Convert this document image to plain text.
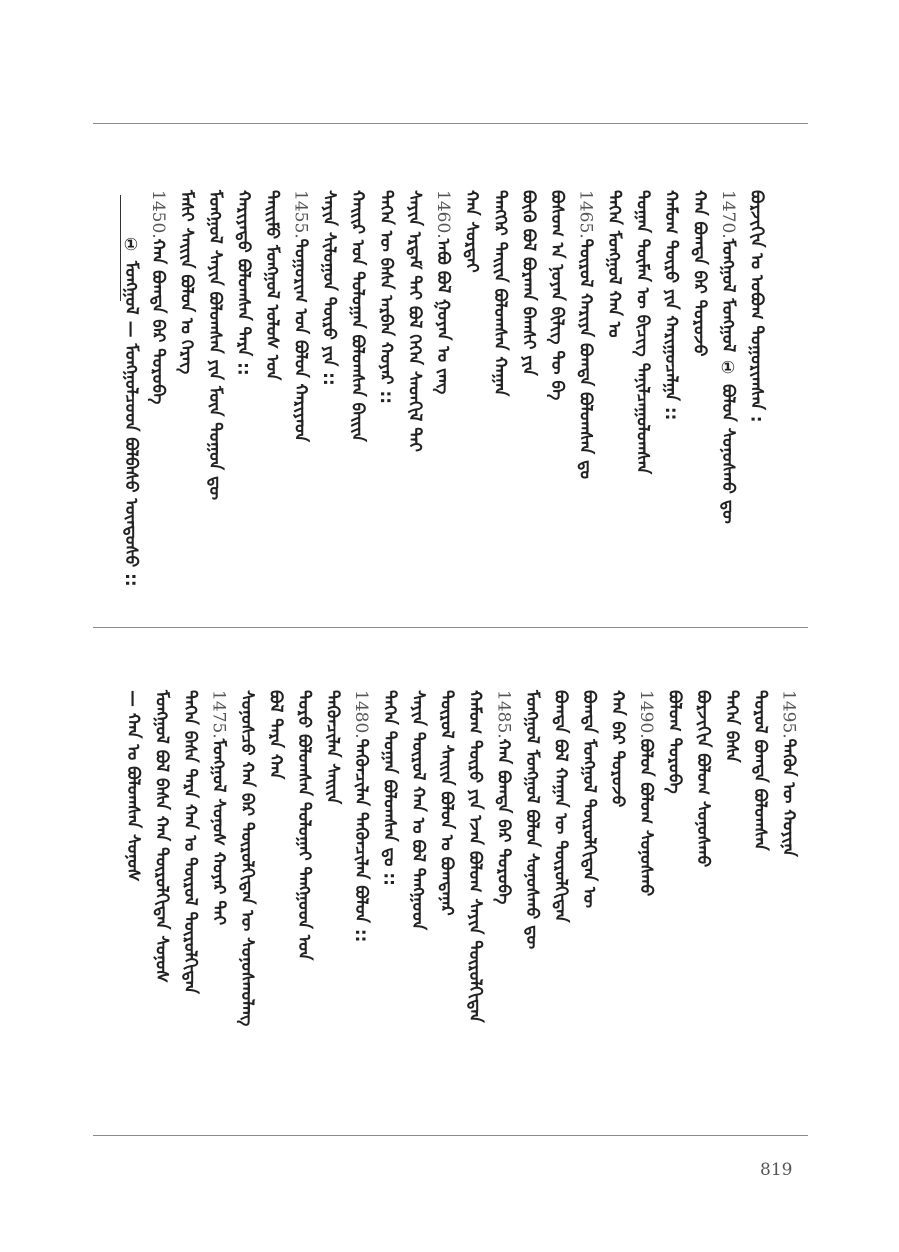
① ᠮᠣᠩᠭᠣᠯ — ᠮᠣᠩᠭᠣᠯᠴᠤᠳ ᠪᠣᠯᠪᠠᠰᠤ ᠦᠨᠳᠦᠰᠦ ::	ᠪᠣᠷᠵᠢᠭᠢᠨ ᠤ ᠣᠪᠣᠭ ᠲᠣᠭᠤᠷᠢᠭᠰᠠᠨ :
1470.ᠮᠣᠩᠭᠣᠯ ᠮᠣᠩᠭᠣᠯ ① ᠪᠣᠯᠤᠨ ᠰᠣᠨᠣᠰᠬᠤ ᠳᠦ
ᠬᠠᠨ ᠪᠣᠭᠳᠠ ᠪᠠᠷ ᠲᠣᠷᠣᠵᠤ
ᠬᠠᠮᠤᠭ ᠲᠥᠷᠥ ᠶᠢᠨ ᠬᠠᠷᠢᠭᠤᠴᠠᠯᠭᠠ ::
ᠲᠣᠭᠠᠨ ᠲᠥᠮᠡᠨ ᠦ ᠪᠢᠴᠢᠭ ᠲᠠᠨᠢᠯᠴᠠᠭᠤᠯᠤᠭᠰᠠᠨ
ᠲᠡᠭᠡᠨ ᠮᠣᠩᠭᠣᠯ ᠬᠠᠨ ᠤ
1465.ᠲᠥᠷᠥᠯ ᠬᠠᠷᠢᠶᠠ ᠪᠣᠭᠳᠠ ᠪᠣᠯᠤᠭᠰᠠᠨ ᠳᠤ
ᠪᠣᠰᠤᠭ ᠠ ᠨᠣᠶᠠᠨ ᠪᠢᠯᠢᠭ ᠲᠦ ᠪᠡ
ᠪᠦᠬᠦ ᠪᠣᠯ ᠪᠤᠷᠬᠠᠨ ᠪᠠᠭᠰᠢ ᠶᠢᠨ
ᠲᠡᠩᠭᠡᠷ ᠲᠡᠢᠢᠨ ᠪᠣᠯᠤᠭᠰᠠᠨ ᠬᠠᠭᠠᠨ
ᠬᠠᠨ ᠰᠤᠷᠲᠠᠢ
1460.ᠠᠪᠤ ᠪᠣᠯ ᠭᠤᠶᠠᠨ ᠤ ᠵᠠᠩ
ᠰᠠᠶᠢᠨ ᠡᠷᠳᠡᠮ ᠲᠡᠢ ᠪᠣᠯ ᠭᠡᠭᠡᠨ ᠰᠡᠳᠬᠢᠯ ᠲᠡᠢ
ᠲᠡᠭᠡᠨ ᠦ ᠪᠠᠰᠠ ᠠᠷᠪᠠᠨ ᠬᠣᠶᠠᠷ ::
ᠬᠠᠢᠢᠷ ᠤᠨ ᠳᠣᠯᠤᠭᠠᠨ ᠪᠣᠯᠤᠭᠰᠠᠨ ᠪᠠᠢᠢᠨ
ᠰᠠᠶᠢᠨ ᠰᠢᠯᠤᠭᠤᠨ ᠲᠥᠷᠥ ᠶᠢᠨ ::
1455.ᠲᠣᠭᠤᠷᠢᠭ ᠤᠨ ᠪᠣᠯᠤᠨ ᠬᠠᠷᠢᠶᠠᠳ
ᠲᠡᠢᠢᠮᠦ ᠮᠣᠩᠭᠣᠯ ᠤᠯᠤᠰ ᠤᠨ
ᠬᠠᠷᠢᠶᠠᠲᠤ ᠪᠣᠯᠤᠭᠰᠠᠨ ᠲᠡᠷᠡ ::
ᠮᠣᠩᠭᠣᠯ ᠰᠠᠶᠢᠨ ᠪᠣᠯᠤᠭᠰᠠᠨ ᠶᠢᠨ ᠮᠥᠨ ᠲᠣᠭᠣᠨ ᠳᠦ
ᠮᠠᠰᠢ ᠰᠠᠢᠢᠨ ᠪᠣᠯᠤᠨ ᠤ ᠬᠡᠷᠡᠭ
1450.ᠬᠠᠨ ᠪᠣᠭᠳᠠ ᠪᠠᠷ ᠲᠣᠷᠣᠪᠠ
1495.ᠲᠡᠭᠦᠨ ᠦ ᠬᠣᠶᠢᠨᠠ
ᠲᠣᠷᠣᠯ ᠪᠣᠭᠳᠠ ᠪᠣᠯᠤᠭᠰᠠᠨ
ᠲᠡᠭᠡᠨ ᠪᠠᠰᠠ
ᠪᠣᠷᠵᠢᠭᠢᠨ ᠪᠣᠯᠤᠭ ᠰᠣᠨᠣᠰᠬᠤ
ᠪᠣᠯᠤᠭ ᠲᠣᠷᠣᠪᠠ
1490.ᠪᠣᠯᠤᠨ ᠪᠣᠯᠤᠭ ᠰᠣᠨᠣᠰᠬᠤ
ᠬᠠᠨ ᠪᠠᠷ ᠲᠣᠷᠣᠵᠤ
ᠪᠣᠭᠳᠠ ᠮᠣᠩᠭᠣᠯ ᠲᠥᠷᠥᠯᠬᠢᠲᠡᠨ ᠦ
ᠪᠣᠭᠳᠠ ᠪᠣᠯ ᠬᠠᠭᠠᠨ ᠦ ᠲᠥᠷᠥᠯᠬᠢᠲᠡᠨ
ᠮᠣᠩᠭᠣᠯ ᠮᠣᠩᠭᠣᠯ ᠪᠣᠯᠤᠨ ᠰᠣᠨᠣᠰᠬᠤ ᠳᠦ
1485.ᠬᠠᠨ ᠪᠣᠭᠳᠠ ᠪᠠᠷ ᠲᠣᠷᠣᠪᠠ
ᠬᠠᠮᠤᠭ ᠲᠥᠷᠥ ᠶᠢᠨ ᠡᠵᠡᠨ ᠪᠣᠯᠤᠭ ᠰᠠᠶᠢᠨ ᠲᠥᠷᠥᠯᠬᠢᠲᠡᠨ
ᠲᠥᠷᠥᠯ ᠰᠠᠢᠢᠨ ᠪᠣᠯᠤᠨ ᠤ ᠪᠣᠭᠳᠠᠨᠠᠷ
ᠰᠠᠶᠢᠨ ᠲᠥᠷᠥᠯ ᠬᠠᠨ ᠤ ᠪᠣᠯ ᠲᠠᠩᠭᠤᠳ
ᠲᠡᠭᠡᠨ ᠲᠣᠭᠠᠨ ᠪᠣᠯᠤᠭᠰᠠᠨ ᠳᠤ ::
1480.ᠲᠡᠭᠦᠨᠴᠢᠯᠡᠨ ᠲᠡᠭᠦᠨᠴᠢᠯᠡᠨ ᠪᠣᠯᠤᠨ ::
ᠲᠡᠭᠦᠨᠴᠢᠯᠡᠨ ᠰᠠᠢᠢᠨ
ᠲᠣᠷᠣ ᠪᠣᠯᠤᠭᠰᠠᠨ ᠲᠣᠯᠣᠭᠠᠢ ᠲᠠᠩᠭᠤᠳ ᠤᠨ
ᠪᠣᠯ ᠲᠡᠷᠡ ᠬᠠᠨ
ᠰᠣᠨᠣᠰᠴᠤ ᠬᠠᠨ ᠪᠠᠷ ᠲᠥᠷᠥᠯᠬᠢᠲᠡᠨ ᠦ ᠰᠣᠨᠣᠰᠬᠤᠯᠠᠩ
1475.ᠮᠣᠩᠭᠣᠯ ᠰᠣᠨᠣᠰ ᠬᠣᠶᠠᠷ ᠲᠡᠢ
ᠲᠡᠭᠡᠨ ᠪᠠᠰᠠ ᠲᠡᠷᠡ ᠬᠠᠨ ᠤ ᠲᠥᠷᠥᠯ ᠲᠥᠷᠥᠯᠬᠢᠲᠡᠨ
ᠮᠣᠩᠭᠣᠯ ᠪᠣᠯ ᠪᠠᠰᠠ ᠬᠠᠨ ᠲᠥᠷᠥᠯᠬᠢᠲᠡᠨ ᠰᠣᠨᠣᠰ
— ᠬᠠᠨ ᠤ ᠪᠣᠯᠤᠭᠰᠠᠨ ᠰᠣᠨᠣᠰ
819
